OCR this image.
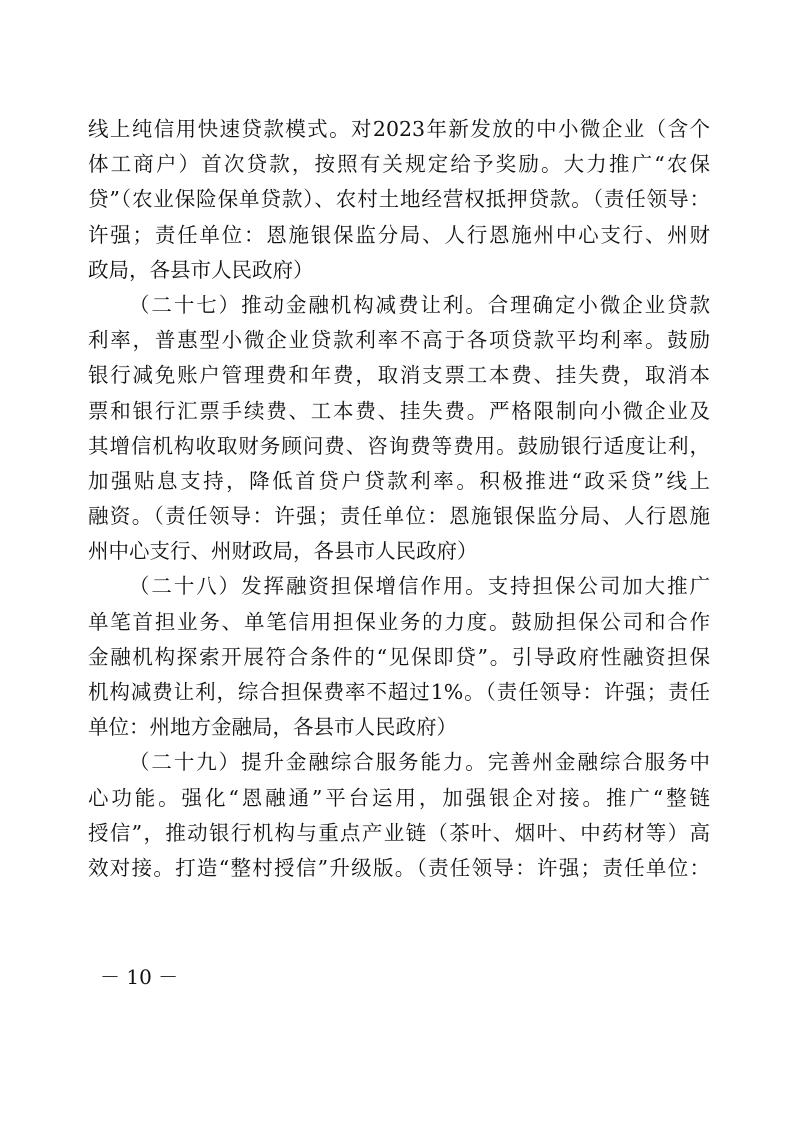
线上纯信用快速贷款模式。对2023年新发放的中小微企业（含个
体工商户）首次贷款，按照有关规定给予奖励。大力推广“农保
贷”（农业保险保单贷款）、农村土地经营权抵押贷款。（责任领导：
许强；责任单位：恩施银保监分局、人行恩施州中心支行、州财
政局，各县市人民政府）
（二十七）推动金融机构减费让利。合理确定小微企业贷款
利率，普惠型小微企业贷款利率不高于各项贷款平均利率。鼓励
银行减免账户管理费和年费，取消支票工本费、挂失费，取消本
票和银行汇票手续费、工本费、挂失费。严格限制向小微企业及
其增信机构收取财务顾问费、咨询费等费用。鼓励银行适度让利，
加强贴息支持，降低首贷户贷款利率。积极推进“政采贷”线上
融资。（责任领导：许强；责任单位：恩施银保监分局、人行恩施
州中心支行、州财政局，各县市人民政府）
（二十八）发挥融资担保增信作用。支持担保公司加大推广
单笔首担业务、单笔信用担保业务的力度。鼓励担保公司和合作
金融机构探索开展符合条件的“见保即贷”。引导政府性融资担保
机构减费让利，综合担保费率不超过1%。（责任领导：许强；责任
单位：州地方金融局，各县市人民政府）
（二十九）提升金融综合服务能力。完善州金融综合服务中
心功能。强化“恩融通”平台运用，加强银企对接。推广“整链
授信”，推动银行机构与重点产业链（茶叶、烟叶、中药材等）高
效对接。打造“整村授信”升级版。（责任领导：许强；责任单位：
－ 10 －
